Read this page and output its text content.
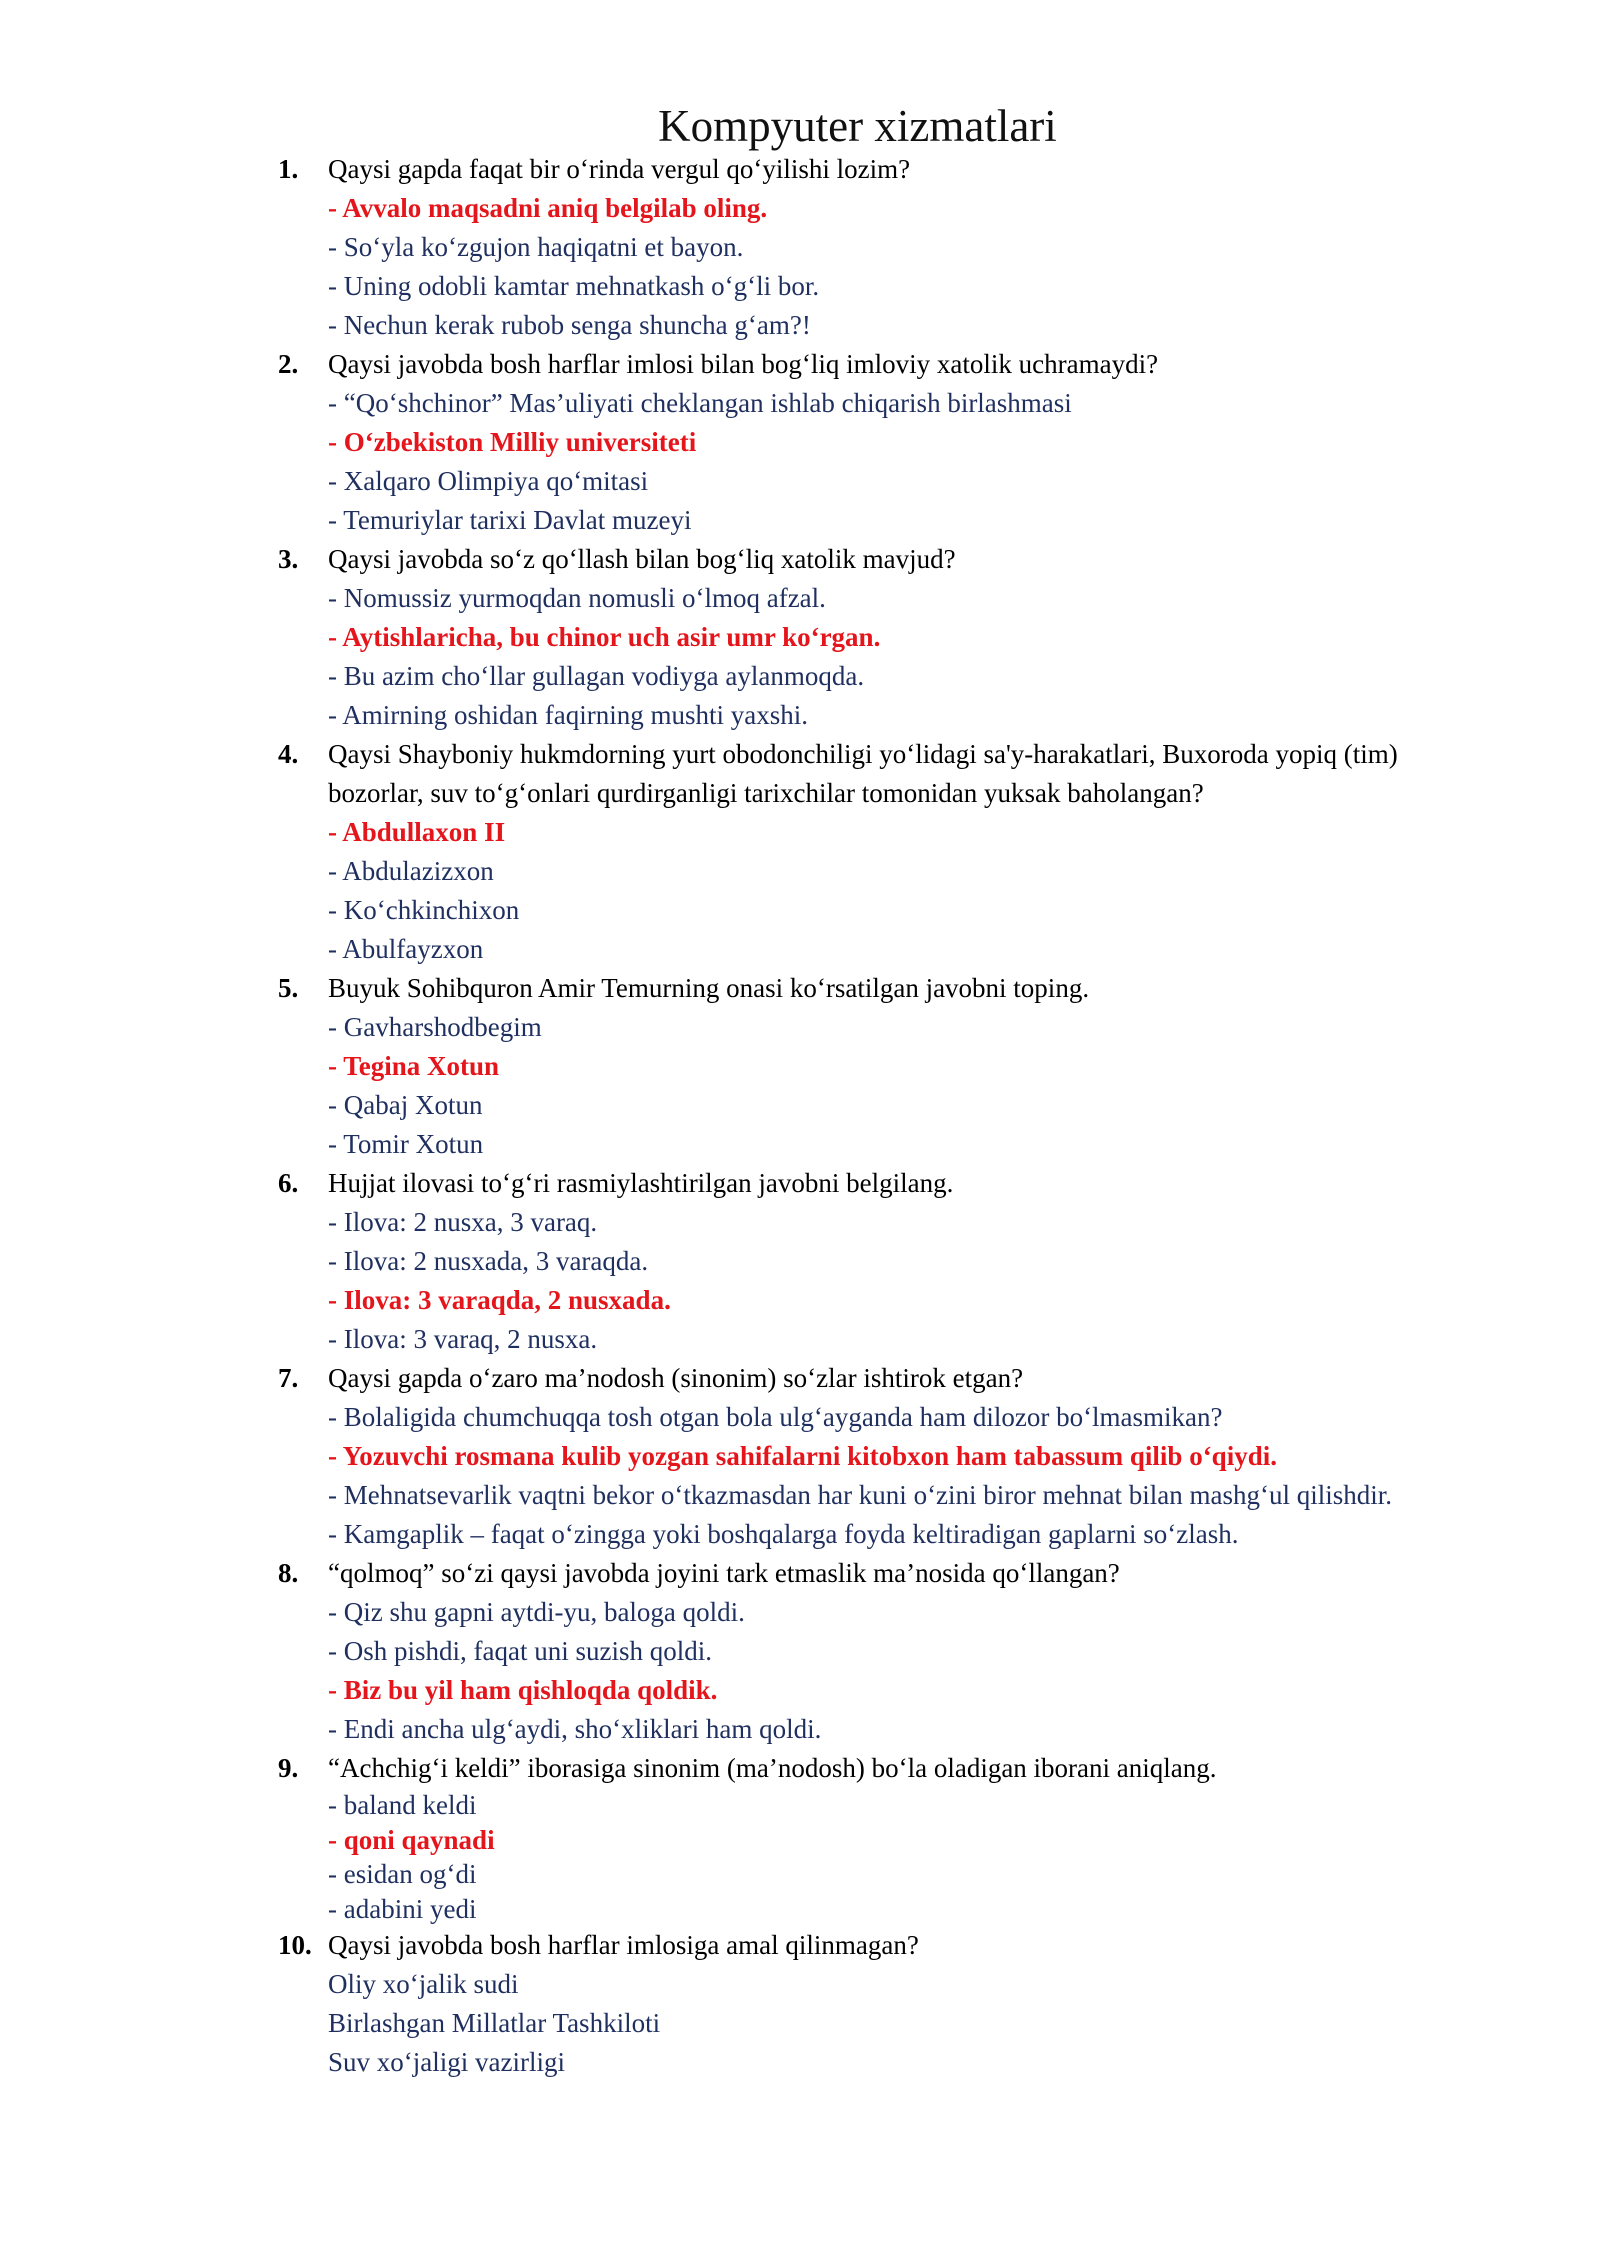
Kompyuter xizmatlari
1. Qaysi gapda faqat bir o‘rinda vergul qo‘yilishi lozim?
- Avvalo maqsadni aniq belgilab oling.
- So‘yla ko‘zgujon haqiqatni et bayon.
- Uning odobli kamtar mehnatkash o‘g‘li bor.
- Nechun kerak rubob senga shuncha g‘am?!
2. Qaysi javobda bosh harflar imlosi bilan bog‘liq imloviy xatolik uchramaydi?
- “Qo‘shchinor” Mas’uliyati cheklangan ishlab chiqarish birlashmasi
- O‘zbekiston Milliy universiteti
- Xalqaro Olimpiya qo‘mitasi
- Temuriylar tarixi Davlat muzeyi
3. Qaysi javobda so‘z qo‘llash bilan bog‘liq xatolik mavjud?
- Nomussiz yurmoqdan nomusli o‘lmoq afzal.
- Aytishlaricha, bu chinor uch asir umr ko‘rgan.
- Bu azim cho‘llar gullagan vodiyga aylanmoqda.
- Amirning oshidan faqirning mushti yaxshi.
4. Qaysi Shayboniy hukmdorning yurt obodonchiligi yo‘lidagi sa'y-harakatlari, Buxoroda yopiq (tim) bozorlar, suv to‘g‘onlari qurdirganligi tarixchilar tomonidan yuksak baholangan?
- Abdullaxon II
- Abdulazizxon
- Ko‘chkinchixon
- Abulfayzxon
5. Buyuk Sohibquron Amir Temurning onasi ko‘rsatilgan javobni toping.
- Gavharshodbegim
- Tegina Xotun
- Qabaj Xotun
- Tomir Xotun
6. Hujjat ilovasi to‘g‘ri rasmiylashtirilgan javobni belgilang.
- Ilova: 2 nusxa, 3 varaq.
- Ilova: 2 nusxada, 3 varaqda.
- Ilova: 3 varaqda, 2 nusxada.
- Ilova: 3 varaq, 2 nusxa.
7. Qaysi gapda o‘zaro ma’nodosh (sinonim) so‘zlar ishtirok etgan?
- Bolaligida chumchuqqa tosh otgan bola ulg‘ayganda ham dilozor bo‘lmasmikan?
- Yozuvchi rosmana kulib yozgan sahifalarni kitobxon ham tabassum qilib o‘qiydi.
- Mehnatsevarlik vaqtni bekor o‘tkazmasdan har kuni o‘zini biror mehnat bilan mashg‘ul qilishdir.
- Kamgaplik – faqat o‘zingga yoki boshqalarga foyda keltiradigan gaplarni so‘zlash.
8. “qolmoq” so‘zi qaysi javobda joyini tark etmaslik ma’nosida qo‘llangan?
- Qiz shu gapni aytdi-yu, baloga qoldi.
- Osh pishdi, faqat uni suzish qoldi.
- Biz bu yil ham qishloqda qoldik.
- Endi ancha ulg‘aydi, sho‘xliklari ham qoldi.
9. “Achchig‘i keldi” iborasiga sinonim (ma’nodosh) bo‘la oladigan iborani aniqlang.
- baland keldi
- qoni qaynadi
- esidan og‘di
- adabini yedi
10. Qaysi javobda bosh harflar imlosiga amal qilinmagan?
Oliy xo‘jalik sudi
Birlashgan Millatlar Tashkiloti
Suv xo‘jaligi vazirligi
